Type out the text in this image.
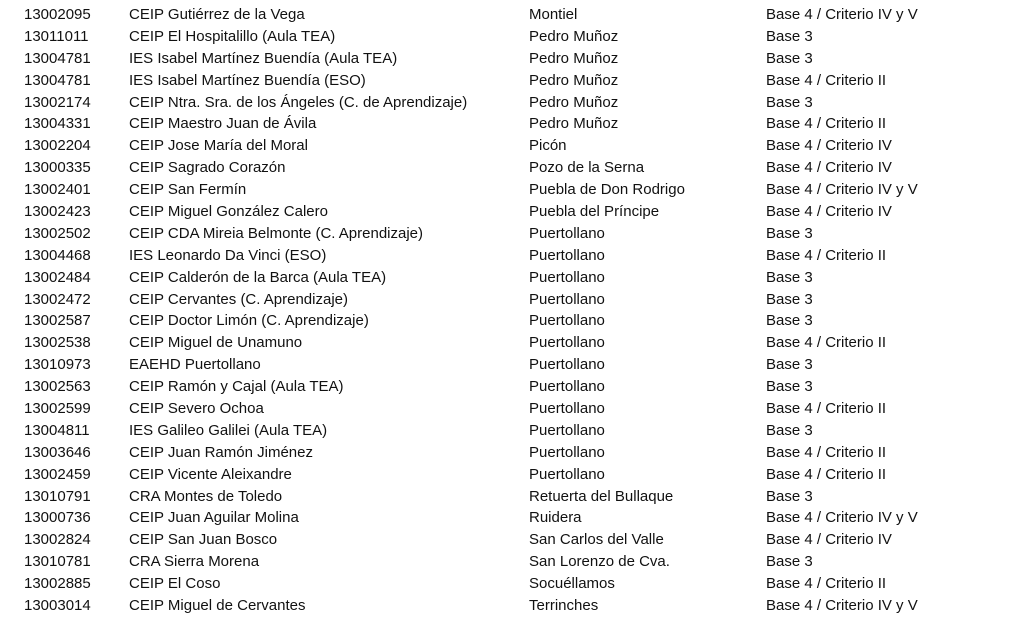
13002095	CEIP Gutiérrez de la Vega	Montiel	Base 4 / Criterio IV y V
13011011	CEIP El Hospitalillo (Aula TEA)	Pedro Muñoz	Base 3
13004781	IES Isabel Martínez Buendía (Aula TEA)	Pedro Muñoz	Base 3
13004781	IES Isabel Martínez Buendía (ESO)	Pedro Muñoz	Base 4 / Criterio II
13002174	CEIP Ntra. Sra. de los Ángeles (C. de Aprendizaje)	Pedro Muñoz	Base 3
13004331	CEIP Maestro Juan de Ávila	Pedro Muñoz	Base 4 / Criterio II
13002204	CEIP Jose María del Moral	Picón	Base 4 / Criterio IV
13000335	CEIP Sagrado Corazón	Pozo de la Serna	Base 4 / Criterio IV
13002401	CEIP San Fermín	Puebla de Don Rodrigo	Base 4 / Criterio IV y V
13002423	CEIP Miguel González Calero	Puebla del Príncipe	Base 4 / Criterio IV
13002502	CEIP CDA Mireia Belmonte (C. Aprendizaje)	Puertollano	Base 3
13004468	IES Leonardo Da Vinci (ESO)	Puertollano	Base 4 / Criterio II
13002484	CEIP Calderón de la Barca (Aula TEA)	Puertollano	Base 3
13002472	CEIP Cervantes (C. Aprendizaje)	Puertollano	Base 3
13002587	CEIP Doctor Limón (C. Aprendizaje)	Puertollano	Base 3
13002538	CEIP Miguel de Unamuno	Puertollano	Base 4 / Criterio II
13010973	EAEHD Puertollano	Puertollano	Base 3
13002563	CEIP Ramón y Cajal (Aula TEA)	Puertollano	Base 3
13002599	CEIP Severo Ochoa	Puertollano	Base 4 / Criterio II
13004811	IES Galileo Galilei (Aula TEA)	Puertollano	Base 3
13003646	CEIP Juan Ramón Jiménez	Puertollano	Base 4 / Criterio II
13002459	CEIP Vicente Aleixandre	Puertollano	Base 4 / Criterio II
13010791	CRA Montes de Toledo	Retuerta del Bullaque	Base 3
13000736	CEIP Juan Aguilar Molina	Ruidera	Base 4 / Criterio IV y V
13002824	CEIP San Juan Bosco	San Carlos del Valle	Base 4 / Criterio IV
13010781	CRA Sierra Morena	San Lorenzo de Cva.	Base 3
13002885	CEIP El Coso	Socuéllamos	Base 4 / Criterio II
13003014	CEIP Miguel de Cervantes	Terrinches	Base 4 / Criterio IV y V
